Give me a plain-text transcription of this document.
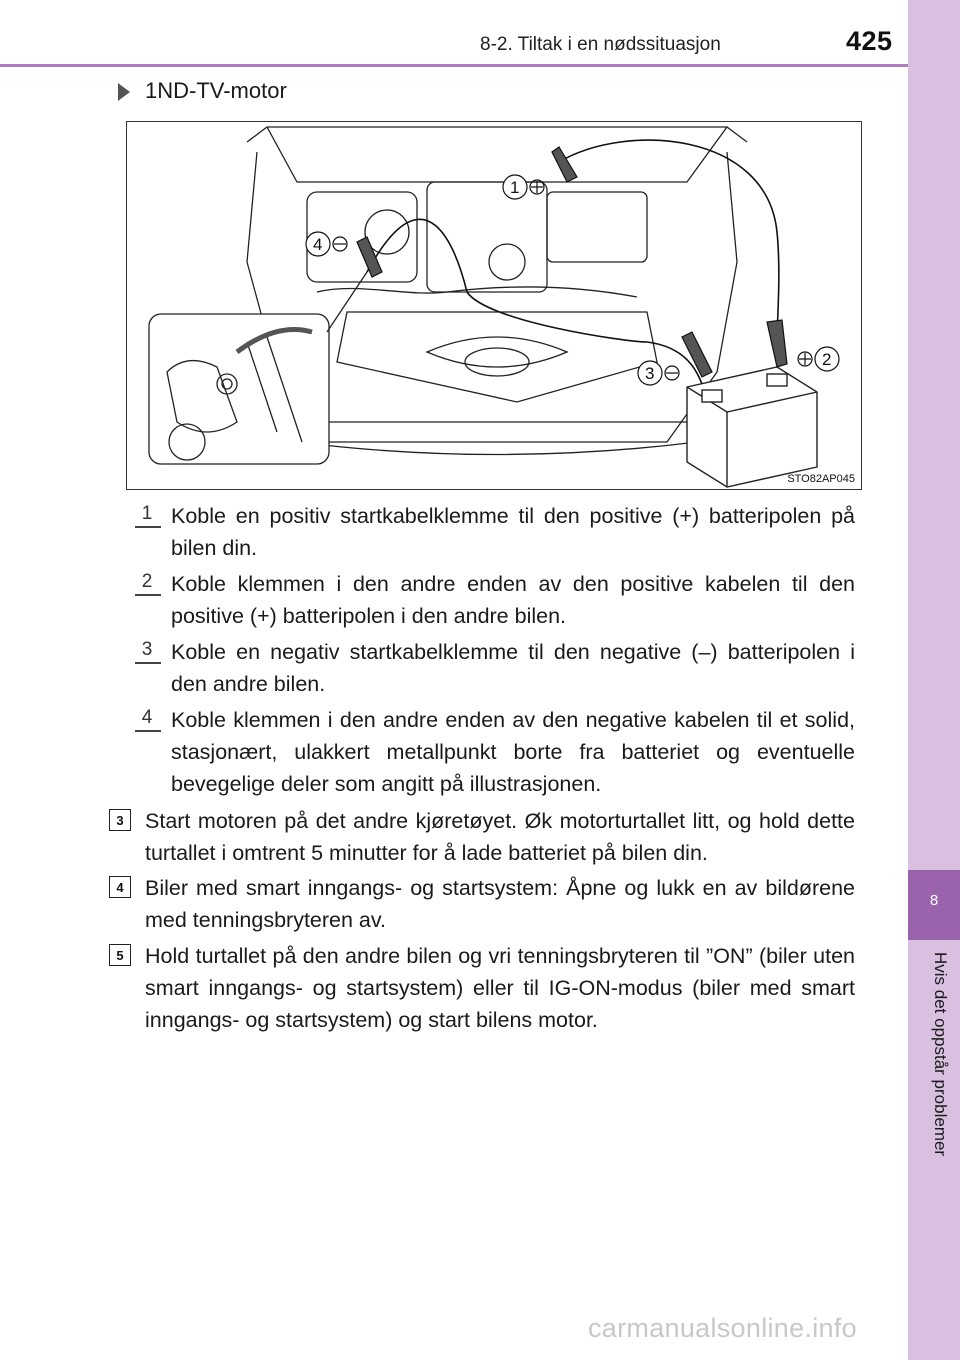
8-2. Tiltak i en nødssituasjon	425
8
Hvis det oppstår problemer
1ND-TV-motor
1
2
3
4
STO82AP045
1 Koble en positiv startkabelklemme til den positive (+) batteripolen på bilen din.
2 Koble klemmen i den andre enden av den positive kabelen til den positive (+) batteripolen i den andre bilen.
3 Koble en negativ startkabelklemme til den negative (–) batteripolen i den andre bilen.
4 Koble klemmen i den andre enden av den negative kabelen til et solid, stasjonært, ulakkert metallpunkt borte fra batteriet og eventuelle bevegelige deler som angitt på illustrasjonen.
3 Start motoren på det andre kjøretøyet. Øk motorturtallet litt, og hold dette turtallet i omtrent 5 minutter for å lade batteriet på bilen din.
4 Biler med smart inngangs- og startsystem: Åpne og lukk en av bildørene med tenningsbryteren av.
5 Hold turtallet på den andre bilen og vri tenningsbryteren til ”ON” (biler uten smart inngangs- og startsystem) eller til IG-ON-modus (biler med smart inngangs- og startsystem) og start bilens motor.
carmanualsonline.info
